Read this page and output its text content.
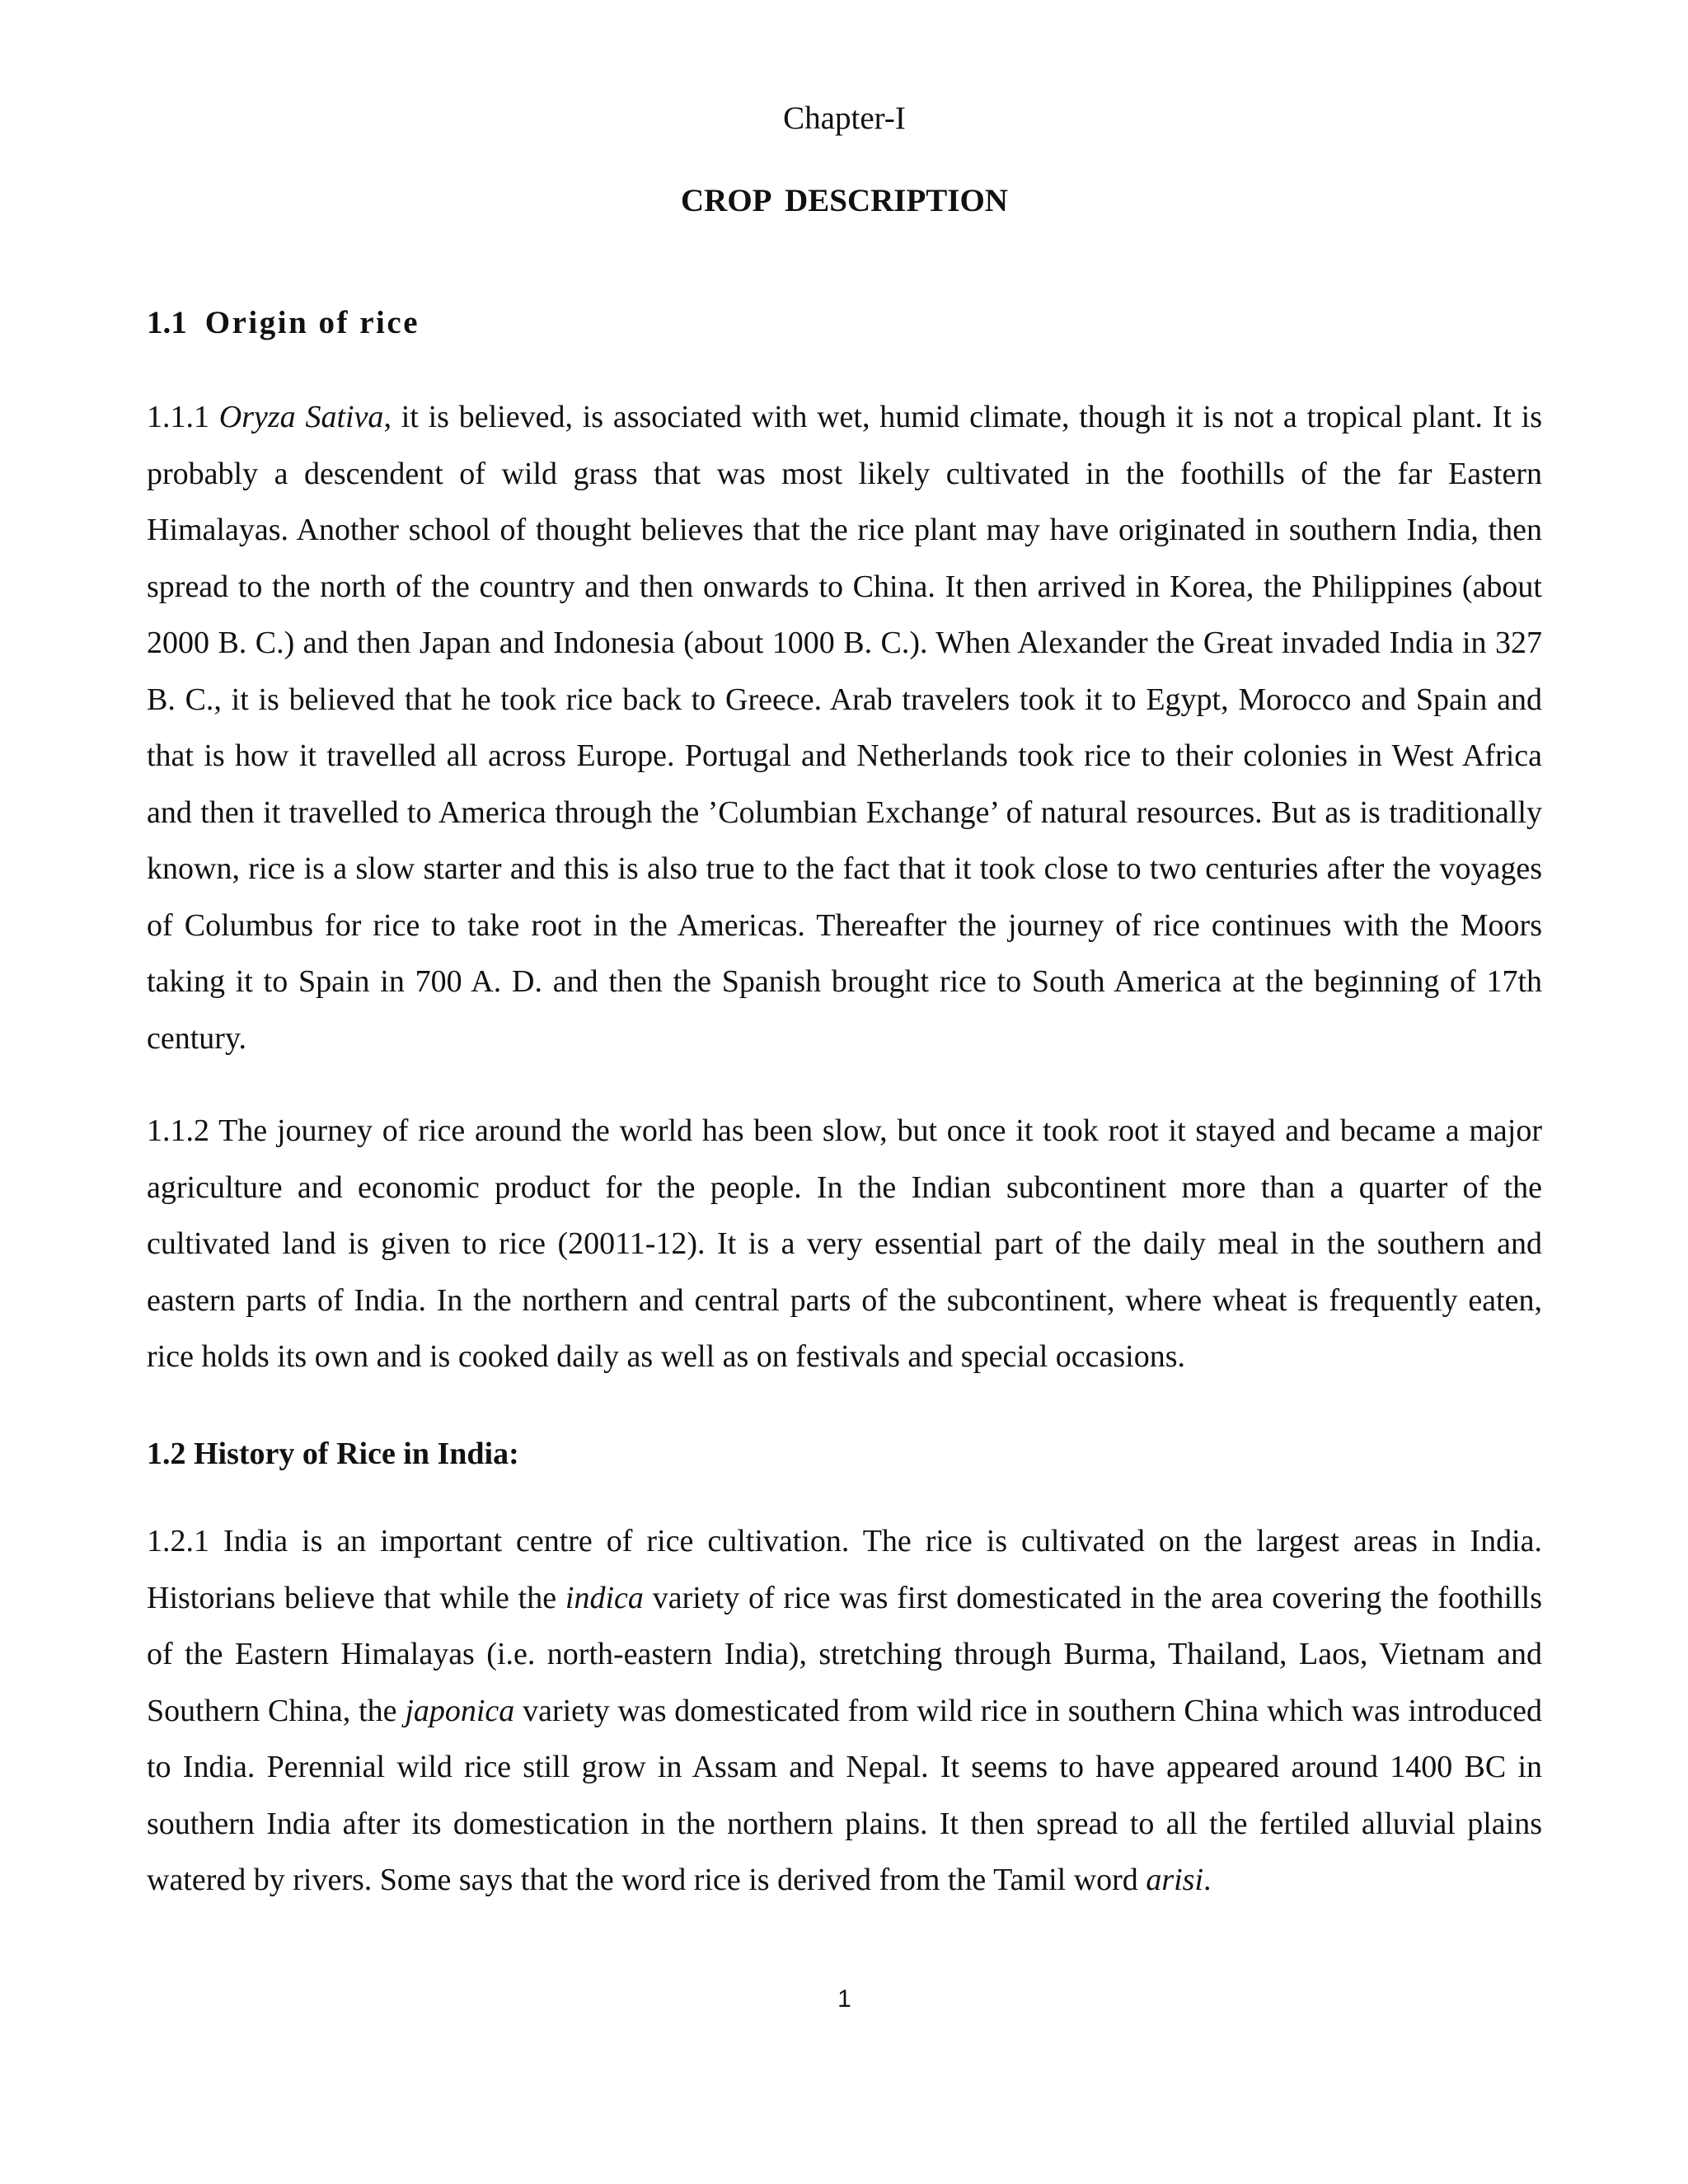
Chapter-I
CROP DESCRIPTION
1.1 Origin of rice
1.1.1 Oryza Sativa, it is believed, is associated with wet, humid climate, though it is not a tropical plant. It is probably a descendent of wild grass that was most likely cultivated in the foothills of the far Eastern Himalayas. Another school of thought believes that the rice plant may have originated in southern India, then spread to the north of the country and then onwards to China. It then arrived in Korea, the Philippines (about 2000 B. C.) and then Japan and Indonesia (about 1000 B. C.). When Alexander the Great invaded India in 327 B. C., it is believed that he took rice back to Greece. Arab travelers took it to Egypt, Morocco and Spain and that is how it travelled all across Europe. Portugal and Netherlands took rice to their colonies in West Africa and then it travelled to America through the ’Columbian Exchange’ of natural resources. But as is traditionally known, rice is a slow starter and this is also true to the fact that it took close to two centuries after the voyages of Columbus for rice to take root in the Americas. Thereafter the journey of rice continues with the Moors taking it to Spain in 700 A. D. and then the Spanish brought rice to South America at the beginning of 17th century.
1.1.2 The journey of rice around the world has been slow, but once it took root it stayed and became a major agriculture and economic product for the people. In the Indian subcontinent more than a quarter of the cultivated land is given to rice (20011-12). It is a very essential part of the daily meal in the southern and eastern parts of India. In the northern and central parts of the subcontinent, where wheat is frequently eaten, rice holds its own and is cooked daily as well as on festivals and special occasions.
1.2 History of Rice in India:
1.2.1 India is an important centre of rice cultivation. The rice is cultivated on the largest areas in India. Historians believe that while the indica variety of rice was first domesticated in the area covering the foothills of the Eastern Himalayas (i.e. north-eastern India), stretching through Burma, Thailand, Laos, Vietnam and Southern China, the japonica variety was domesticated from wild rice in southern China which was introduced to India. Perennial wild rice still grow in Assam and Nepal. It seems to have appeared around 1400 BC in southern India after its domestication in the northern plains. It then spread to all the fertiled alluvial plains watered by rivers. Some says that the word rice is derived from the Tamil word arisi.
1
